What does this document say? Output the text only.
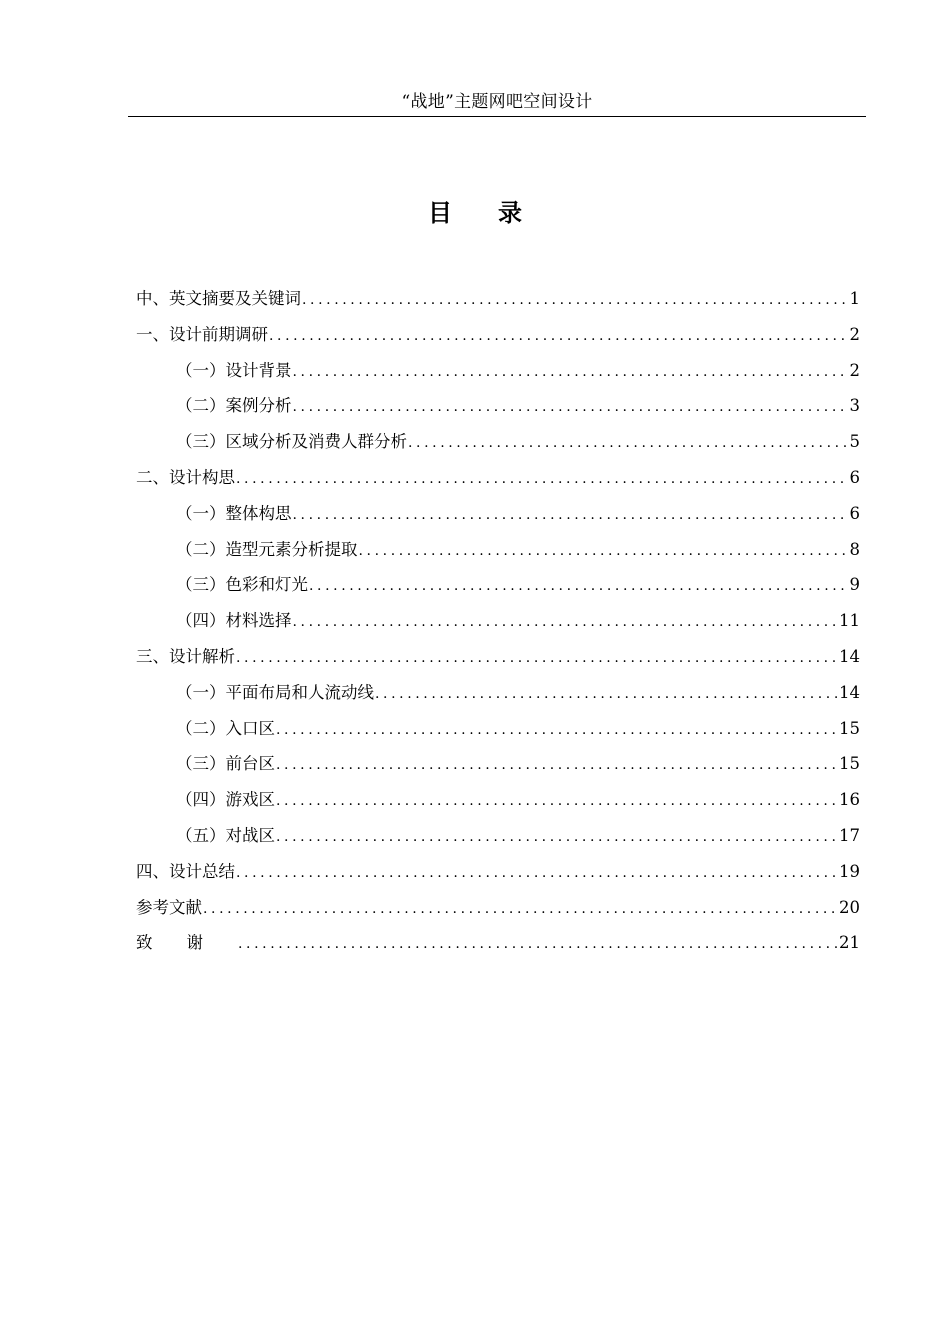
“战地”主题网吧空间设计
目录
中、英文摘要及关键词 .....	1
一、设计前期调研 .....	2
（一）设计背景 .....	2
（二）案例分析 .....	3
（三）区域分析及消费人群分析 .....	5
二、设计构思 .....	6
（一）整体构思 .....	6
（二）造型元素分析提取 .....	8
（三）色彩和灯光 .....	9
（四）材料选择 .....	11
三、设计解析 .....	14
（一）平面布局和人流动线 .....	14
（二）入口区 .....	15
（三）前台区 .....	15
（四）游戏区 .....	16
（五）对战区 .....	17
四、设计总结 .....	19
参考文献 .....	20
致谢 .....	21
